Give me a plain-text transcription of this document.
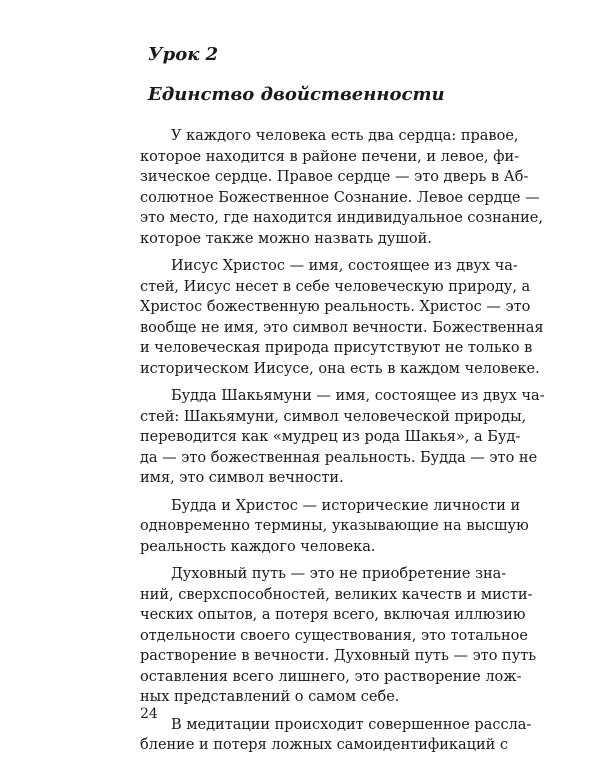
Урок 2
Единство двойственности

У каждого человека есть два сердца: правое,
которое находится в районе печени, и левое, фи-
зическое сердце. Правое сердце — это дверь в Аб-
солютное Божественное Сознание. Левое сердце —
это место, где находится индивидуальное сознание,
которое также можно назвать душой.

Иисус Христос — имя, состоящее из двух ча-
стей, Иисус несет в себе человеческую природу, а
Христос божественную реальность. Христос — это
вообще не имя, это символ вечности. Божественная
и человеческая природа присутствуют не только в
историческом Иисусе, она есть в каждом человеке.

Будда Шакьямуни — имя, состоящее из двух ча-
стей: Шакьямуни, символ человеческой природы,
переводится как «мудрец из рода Шакья», а Буд-
да — это божественная реальность. Будда — это не
имя, это символ вечности.

Будда и Христос — исторические личности и
одновременно термины, указывающие на высшую
реальность каждого человека.

Духовный путь — это не приобретение зна-
ний, сверхспособностей, великих качеств и мисти-
ческих опытов, а потеря всего, включая иллюзию
отдельности своего существования, это тотальное
растворение в вечности. Духовный путь — это путь
оставления всего лишнего, это растворение лож-
ных представлений о самом себе.

В медитации происходит совершенное рассла-
бление и потеря ложных самоидентификаций с

24
